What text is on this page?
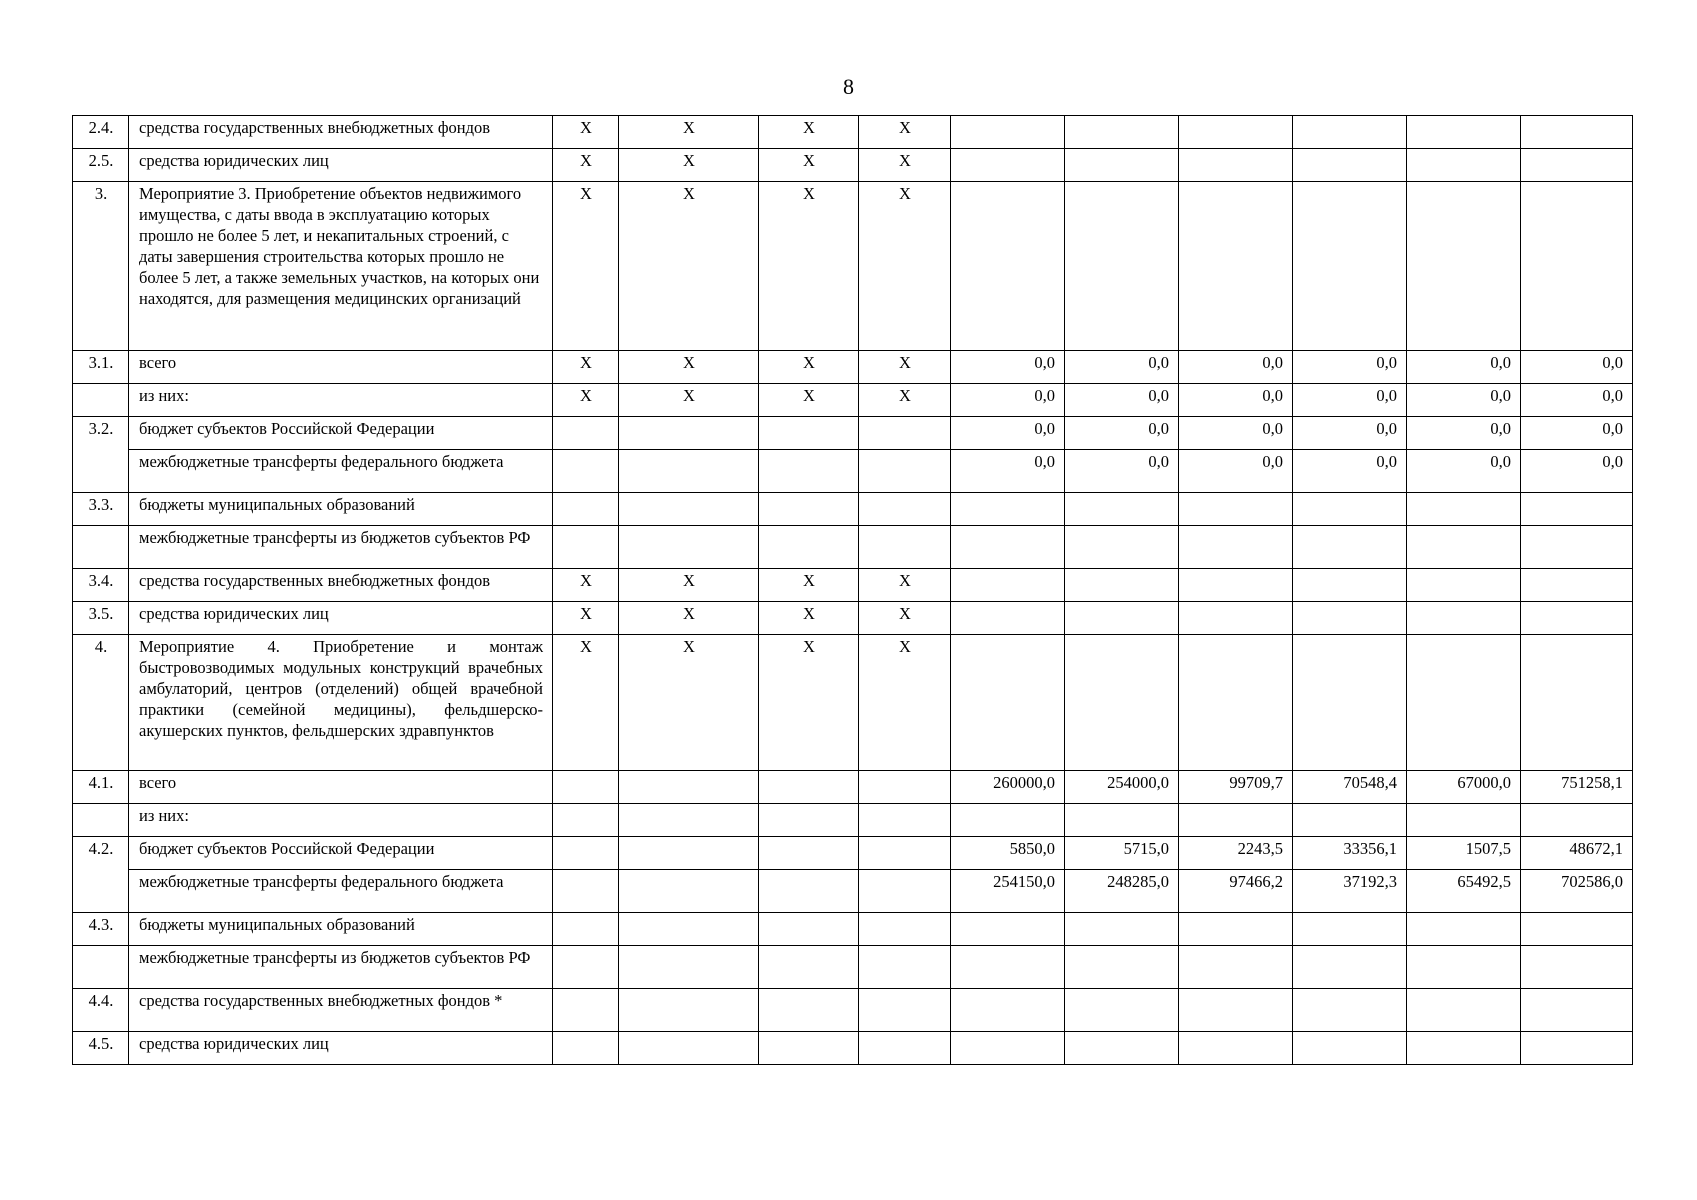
8
2.4.	средства государственных внебюджетных фондов	X	X	X	X						
2.5.	средства юридических лиц	X	X	X	X						
3.	Мероприятие 3. Приобретение объектов недвижимого имущества, с даты ввода в эксплуатацию которых прошло не более 5 лет, и некапитальных строений, с даты завершения строительства которых прошло не более 5 лет, а также земельных участков, на которых они находятся, для размещения медицинских организаций	X	X	X	X						
3.1.	всего	X	X	X	X	0,0	0,0	0,0	0,0	0,0	0,0
	из них:	X	X	X	X	0,0	0,0	0,0	0,0	0,0	0,0
3.2.	бюджет субъектов Российской Федерации					0,0	0,0	0,0	0,0	0,0	0,0
	межбюджетные трансферты федерального бюджета					0,0	0,0	0,0	0,0	0,0	0,0
3.3.	бюджеты муниципальных образований										
	межбюджетные трансферты из бюджетов субъектов РФ										
3.4.	средства государственных внебюджетных фондов	X	X	X	X						
3.5.	средства юридических лиц	X	X	X	X						
4.	Мероприятие 4. Приобретение и монтаж быстровозводимых модульных конструкций врачебных амбулаторий, центров (отделений) общей врачебной практики (семейной медицины), фельдшерско-акушерских пунктов, фельдшерских здравпунктов	X	X	X	X						
4.1.	всего					260000,0	254000,0	99709,7	70548,4	67000,0	751258,1
	из них:										
4.2.	бюджет субъектов Российской Федерации					5850,0	5715,0	2243,5	33356,1	1507,5	48672,1
	межбюджетные трансферты федерального бюджета					254150,0	248285,0	97466,2	37192,3	65492,5	702586,0
4.3.	бюджеты муниципальных образований										
	межбюджетные трансферты из бюджетов субъектов РФ										
4.4.	средства государственных внебюджетных фондов *										
4.5.	средства юридических лиц										
